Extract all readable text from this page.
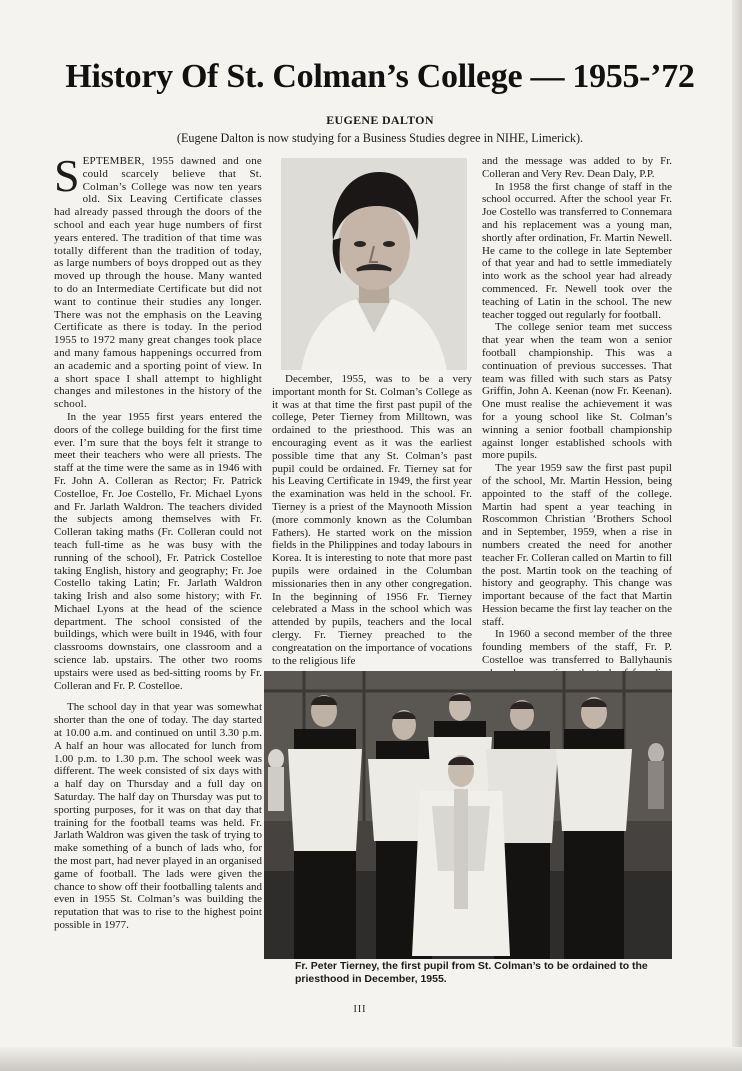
History Of St. Colman’s College — 1955-’72
EUGENE DALTON
(Eugene Dalton is now studying for a Business Studies degree in NIHE, Limerick).

SEPTEMBER, 1955 dawned and one could scarcely believe that St. Colman’s College was now ten years old. Six Leaving Certificate classes had already passed through the doors of the school and each year huge numbers of first years entered. The tradition of that time was totally different than the tradition of today, as large numbers of boys dropped out as they moved up through the house. Many wanted to do an Intermediate Certificate but did not want to continue their studies any longer. There was not the emphasis on the Leaving Certificate as there is today. In the period 1955 to 1972 many great changes took place and many famous happenings occurred from an academic and a sporting point of view. In a short space I shall attempt to highlight changes and milestones in the history of the school.

In the year 1955 first years entered the doors of the college building for the first time ever. I’m sure that the boys felt it strange to meet their teachers who were all priests. The staff at the time were the same as in 1946 with Fr. John A. Colleran as Rector; Fr. Patrick Costelloe, Fr. Joe Costello, Fr. Michael Lyons and Fr. Jarlath Waldron. The teachers divided the subjects among themselves with Fr. Colleran taking maths (Fr. Colleran could not teach full-time as he was busy with the running of the school), Fr. Patrick Costelloe taking English, history and geography; Fr. Joe Costello taking Latin; Fr. Jarlath Waldron taking Irish and also some history; with Fr. Michael Lyons at the head of the science department. The school consisted of the buildings, which were built in 1946, with four classrooms downstairs, one classroom and a science lab. upstairs. The other two rooms upstairs were used as bed-sitting rooms by Fr. Colleran and Fr. P. Costelloe.

The school day in that year was somewhat shorter than the one of today. The day started at 10.00 a.m. and continued on until 3.30 p.m. A half an hour was allocated for lunch from 1.00 p.m. to 1.30 p.m. The school week was different. The week consisted of six days with a half day on Thursday and a full day on Saturday. The half day on Thursday was put to sporting purposes, for it was on that day that training for the football teams was held. Fr. Jarlath Waldron was given the task of trying to make something of a bunch of lads who, for the most part, had never played in an organised game of football. The lads were given the chance to show off their footballing talents and even in 1955 St. Colman’s was building the reputation that was to rise to the highest point possible in 1977.

December, 1955, was to be a very important month for St. Colman’s College as it was at that time the first past pupil of the college, Peter Tierney from Milltown, was ordained to the priesthood. This was an encouraging event as it was the earliest possible time that any St. Colman’s past pupil could be ordained. Fr. Tierney sat for his Leaving Certificate in 1949, the first year the examination was held in the school. Fr. Tierney is a priest of the Maynooth Mission (more commonly known as the Columban Fathers). He started work on the mission fields in the Philippines and today labours in Korea. It is interesting to note that more past pupils were ordained in the Columban missionaries then in any other congregation. In the beginning of 1956 Fr. Tierney celebrated a Mass in the school which was attended by pupils, teachers and the local clergy. Fr. Tierney preached to the congreatation on the importance of vocations to the religious life

and the message was added to by Fr. Colleran and Very Rev. Dean Daly, P.P.

In 1958 the first change of staff in the school occurred. After the school year Fr. Joe Costello was transferred to Connemara and his replacement was a young man, shortly after ordination, Fr. Martin Newell. He came to the college in late September of that year and had to settle immediately into work as the school year had already commenced. Fr. Newell took over the teaching of Latin in the school. The new teacher togged out regularly for football.

The college senior team met success that year when the team won a senior football championship. This was a continuation of previous successes. That team was filled with such stars as Patsy Griffin, John A. Keenan (now Fr. Keenan). One must realise the achievement it was for a young school like St. Colman’s winning a senior football championship against longer established schools with more pupils.

The year 1959 saw the first past pupil of the school, Mr. Martin Hession, being appointed to the staff of the college. Martin had spent a year teaching in Roscommon Christian ‘Brothers School and in September, 1959, when a rise in numbers created the need for another teacher Fr. Colleran called on Martin to fill the post. Martin took on the teaching of history and geography. This change was important because of the fact that Martin Hession became the first lay teacher on the staff.

In 1960 a second member of the three founding members of the staff, Fr. P. Costelloe was transferred to Ballyhaunis

Fr. Peter Tierney, the first pupil from St. Colman’s to be ordained to the priesthood in December, 1955.
III
